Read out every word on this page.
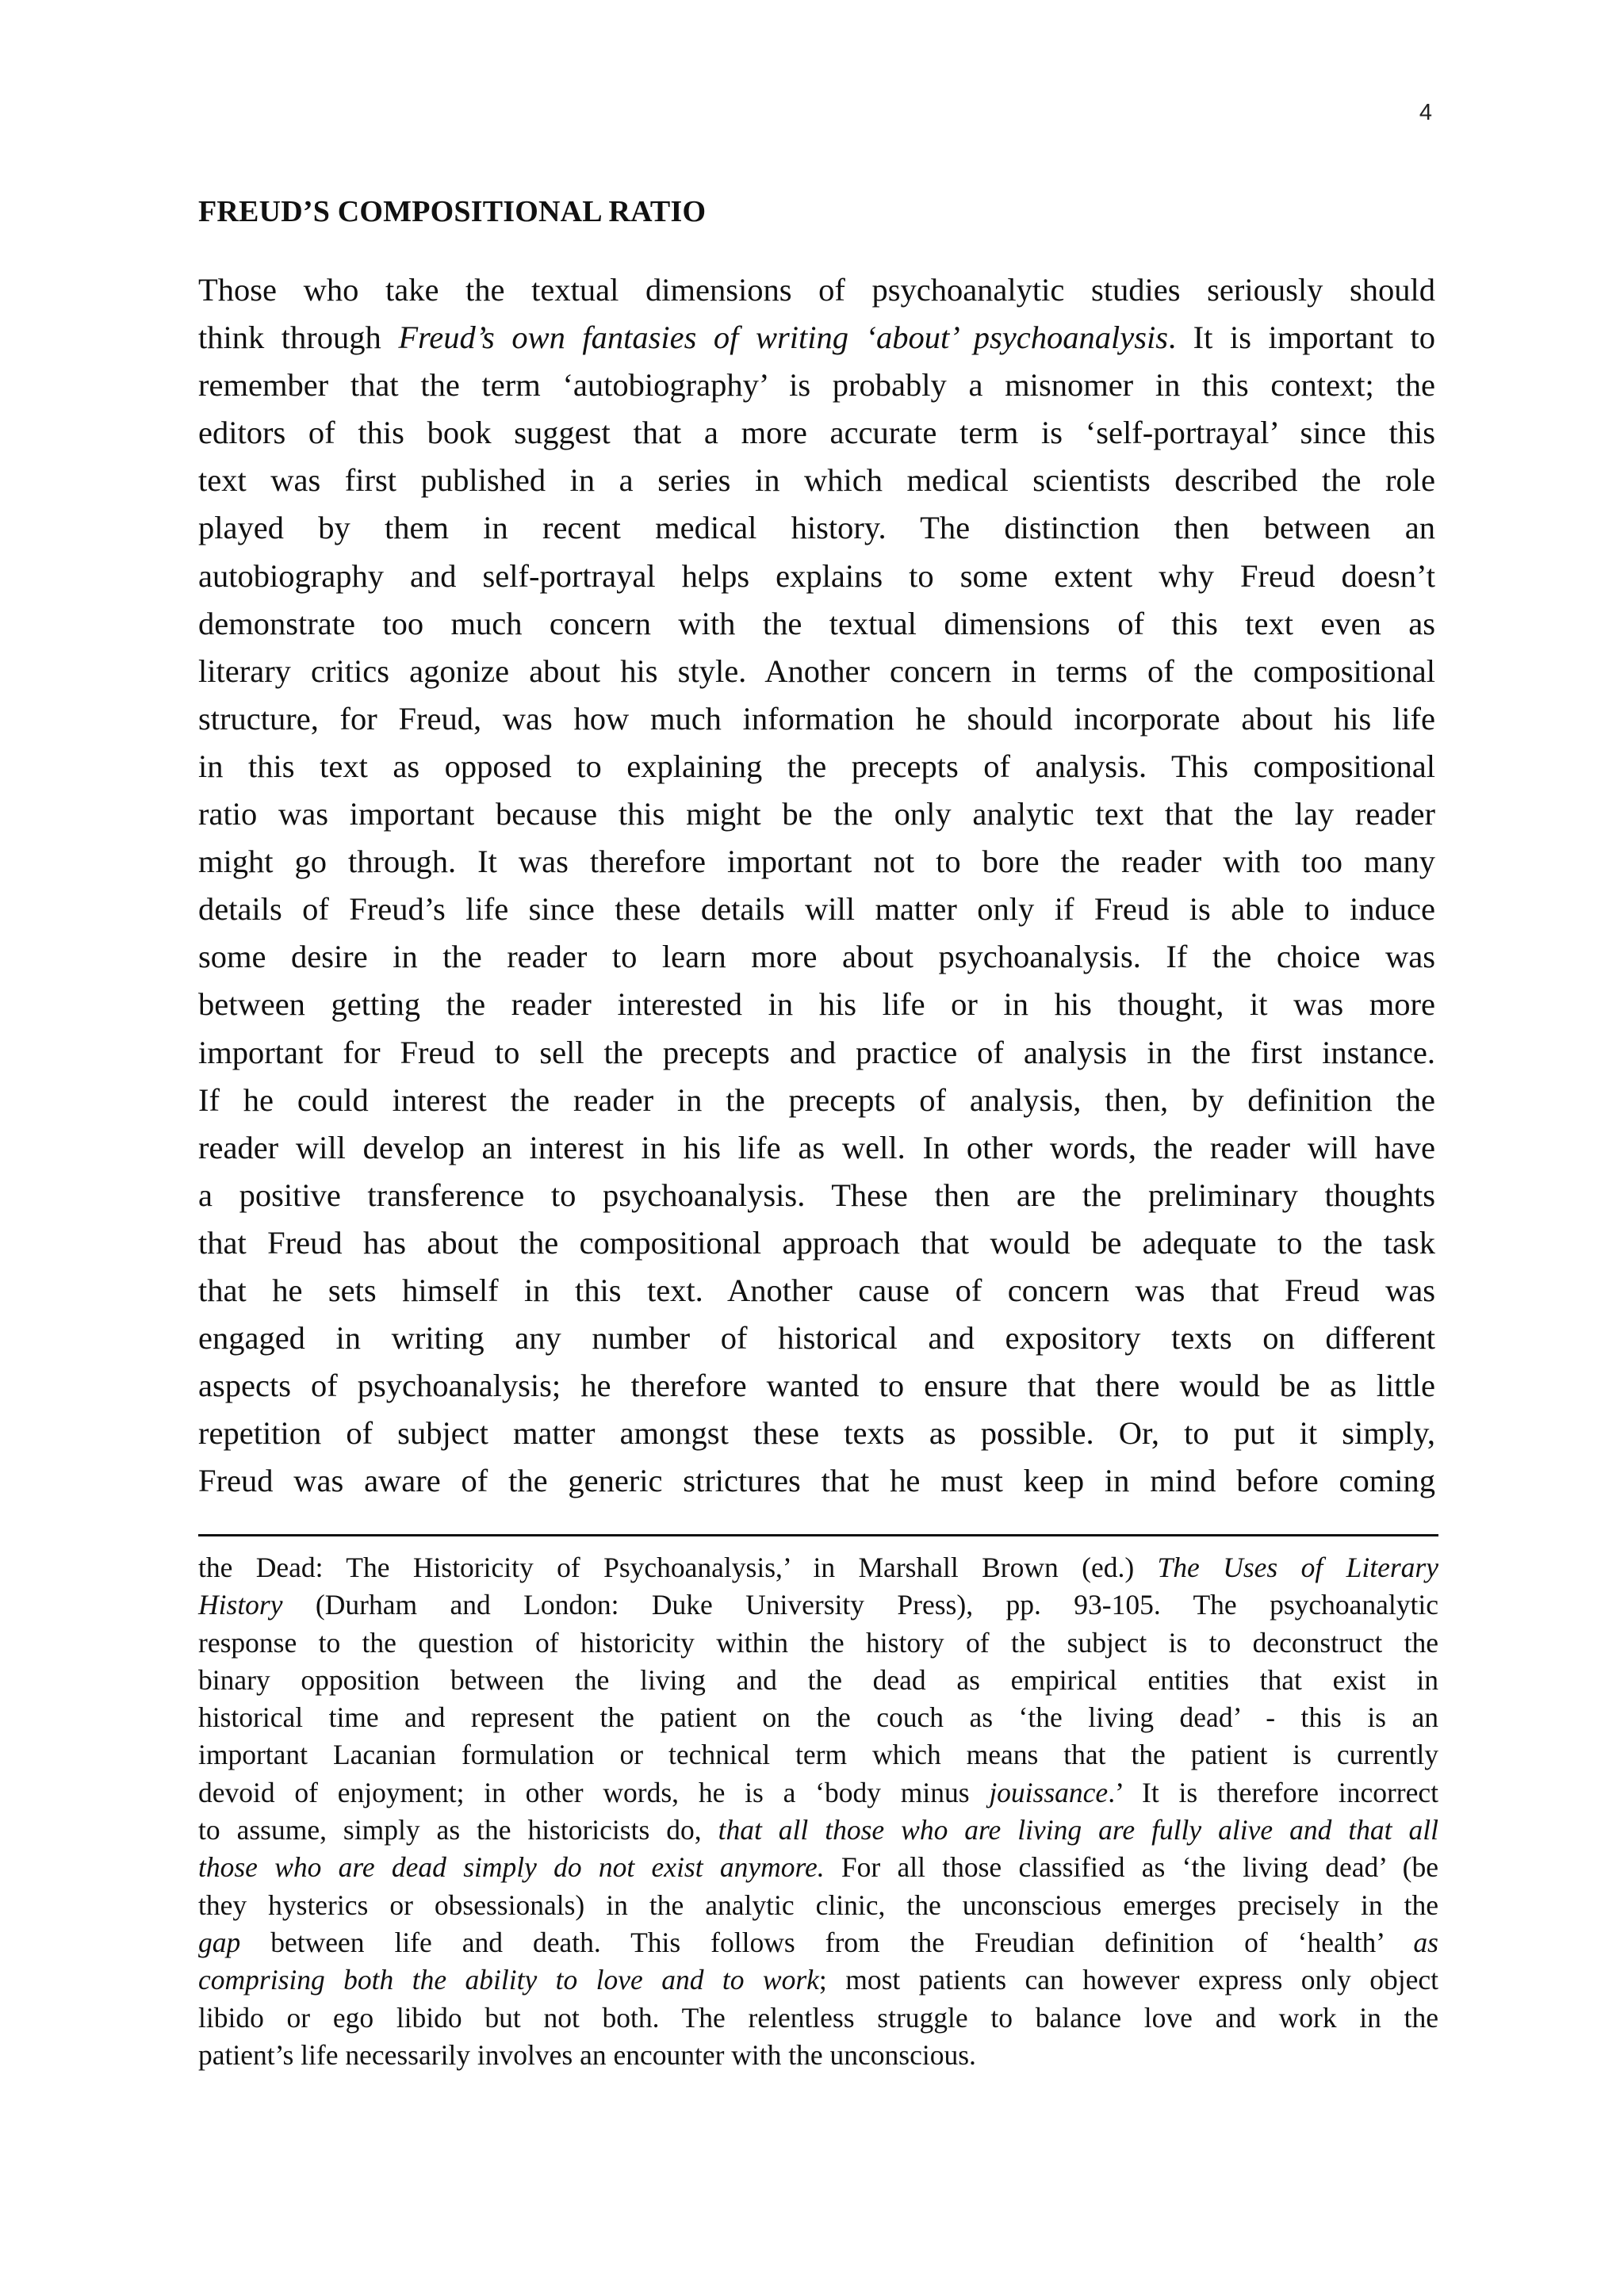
4
FREUD’S COMPOSITIONAL RATIO
Those who take the textual dimensions of psychoanalytic studies seriously should
think through Freud’s own fantasies of writing ‘about’ psychoanalysis. It is important to
remember that the term ‘autobiography’ is probably a misnomer in this context; the
editors of this book suggest that a more accurate term is ‘self-portrayal’ since this
text was first published in a series in which medical scientists described the role
played by them in recent medical history. The distinction then between an
autobiography and self-portrayal helps explains to some extent why Freud doesn’t
demonstrate too much concern with the textual dimensions of this text even as
literary critics agonize about his style. Another concern in terms of the compositional
structure, for Freud, was how much information he should incorporate about his life
in this text as opposed to explaining the precepts of analysis. This compositional
ratio was important because this might be the only analytic text that the lay reader
might go through. It was therefore important not to bore the reader with too many
details of Freud’s life since these details will matter only if Freud is able to induce
some desire in the reader to learn more about psychoanalysis. If the choice was
between getting the reader interested in his life or in his thought, it was more
important for Freud to sell the precepts and practice of analysis in the first instance.
If he could interest the reader in the precepts of analysis, then, by definition the
reader will develop an interest in his life as well. In other words, the reader will have
a positive transference to psychoanalysis. These then are the preliminary thoughts
that Freud has about the compositional approach that would be adequate to the task
that he sets himself in this text. Another cause of concern was that Freud was
engaged in writing any number of historical and expository texts on different
aspects of psychoanalysis; he therefore wanted to ensure that there would be as little
repetition of subject matter amongst these texts as possible. Or, to put it simply,
Freud was aware of the generic strictures that he must keep in mind before coming
the Dead: The Historicity of Psychoanalysis,’ in Marshall Brown (ed.) The Uses of Literary
History (Durham and London: Duke University Press), pp. 93-105. The psychoanalytic
response to the question of historicity within the history of the subject is to deconstruct the
binary opposition between the living and the dead as empirical entities that exist in
historical time and represent the patient on the couch as ‘the living dead’ - this is an
important Lacanian formulation or technical term which means that the patient is currently
devoid of enjoyment; in other words, he is a ‘body minus jouissance.’ It is therefore incorrect
to assume, simply as the historicists do, that all those who are living are fully alive and that all
those who are dead simply do not exist anymore. For all those classified as ‘the living dead’ (be
they hysterics or obsessionals) in the analytic clinic, the unconscious emerges precisely in the
gap between life and death. This follows from the Freudian definition of ‘health’ as
comprising both the ability to love and to work; most patients can however express only object
libido or ego libido but not both. The relentless struggle to balance love and work in the
patient’s life necessarily involves an encounter with the unconscious.
